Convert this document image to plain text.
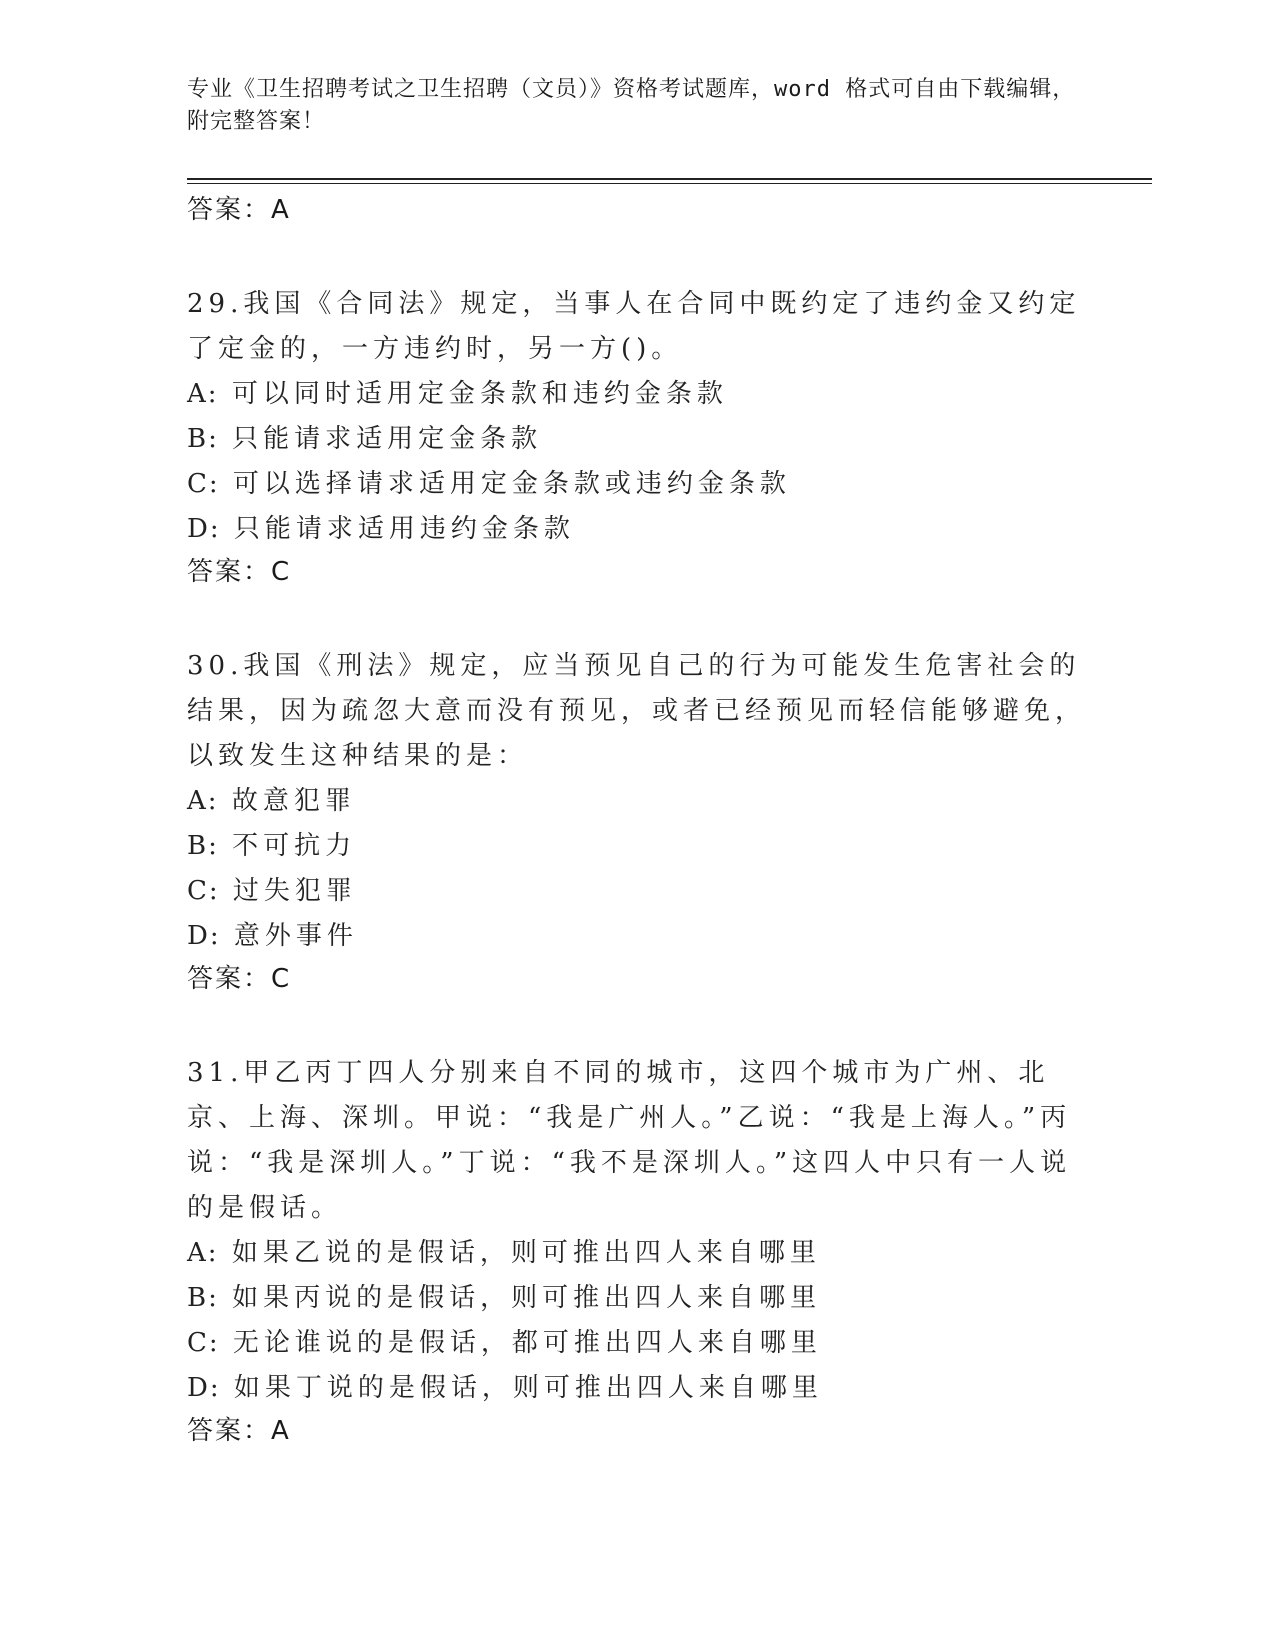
专业《卫生招聘考试之卫生招聘（文员）》资格考试题库，word 格式可自由下载编辑，附完整答案！
答案：A

29.我国《合同法》规定，当事人在合同中既约定了违约金又约定了定金的，一方违约时，另一方()。

A: 可以同时适用定金条款和违约金条款
B: 只能请求适用定金条款
C: 可以选择请求适用定金条款或违约金条款
D: 只能请求适用违约金条款
答案：C

30.我国《刑法》规定，应当预见自己的行为可能发生危害社会的结果，因为疏忽大意而没有预见，或者已经预见而轻信能够避免，以致发生这种结果的是：

A: 故意犯罪
B: 不可抗力
C: 过失犯罪
D: 意外事件
答案：C

31.甲乙丙丁四人分别来自不同的城市，这四个城市为广州、北京、上海、深圳。甲说：“我是广州人。”乙说：“我是上海人。”丙说：“我是深圳人。”丁说：“我不是深圳人。”这四人中只有一人说的是假话。

A: 如果乙说的是假话，则可推出四人来自哪里
B: 如果丙说的是假话，则可推出四人来自哪里
C: 无论谁说的是假话，都可推出四人来自哪里
D: 如果丁说的是假话，则可推出四人来自哪里
答案：A
